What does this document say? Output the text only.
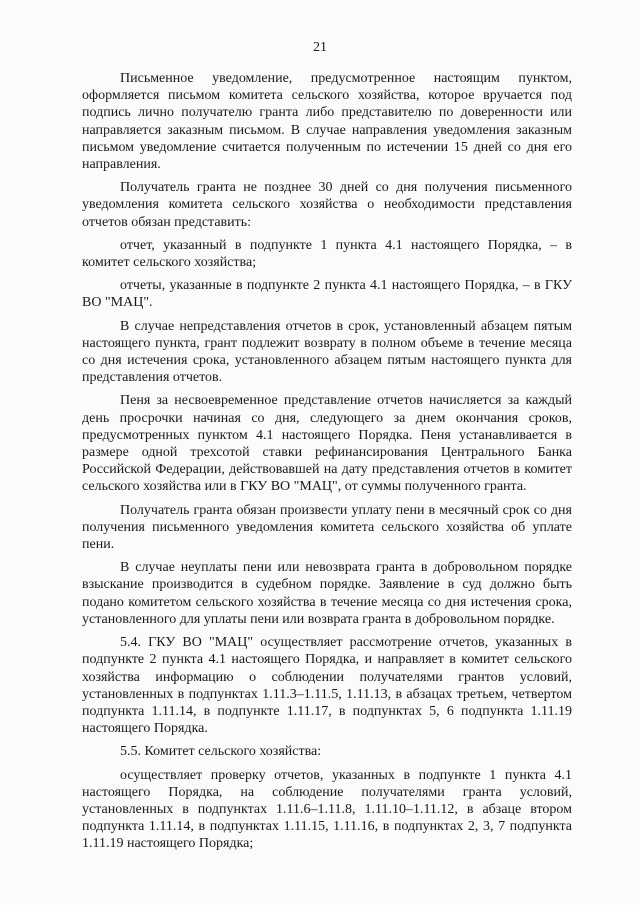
21

Письменное уведомление, предусмотренное настоящим пунктом, оформляется письмом комитета сельского хозяйства, которое вручается под подпись лично получателю гранта либо представителю по доверенности или направляется заказным письмом. В случае направления уведомления заказным письмом уведомление считается полученным по истечении 15 дней со дня его направления.

Получатель гранта не позднее 30 дней со дня получения письменного уведомления комитета сельского хозяйства о необходимости представления отчетов обязан представить:

отчет, указанный в подпункте 1 пункта 4.1 настоящего Порядка, – в комитет сельского хозяйства;

отчеты, указанные в подпункте 2 пункта 4.1 настоящего Порядка, – в ГКУ ВО "МАЦ".

В случае непредставления отчетов в срок, установленный абзацем пятым настоящего пункта, грант подлежит возврату в полном объеме в течение месяца со дня истечения срока, установленного абзацем пятым настоящего пункта для представления отчетов.

Пеня за несвоевременное представление отчетов начисляется за каждый день просрочки начиная со дня, следующего за днем окончания сроков, предусмотренных пунктом 4.1 настоящего Порядка. Пеня устанавливается в размере одной трехсотой ставки рефинансирования Центрального Банка Российской Федерации, действовавшей на дату представления отчетов в комитет сельского хозяйства или в ГКУ ВО "МАЦ", от суммы полученного гранта.

Получатель гранта обязан произвести уплату пени в месячный срок со дня получения письменного уведомления комитета сельского хозяйства об уплате пени.

В случае неуплаты пени или невозврата гранта в добровольном порядке взыскание производится в судебном порядке. Заявление в суд должно быть подано комитетом сельского хозяйства в течение месяца со дня истечения срока, установленного для уплаты пени или возврата гранта в добровольном порядке.

5.4. ГКУ ВО "МАЦ" осуществляет рассмотрение отчетов, указанных в подпункте 2 пункта 4.1 настоящего Порядка, и направляет в комитет сельского хозяйства информацию о соблюдении получателями грантов условий, установленных в подпунктах 1.11.3–1.11.5, 1.11.13, в абзацах третьем, четвертом подпункта 1.11.14, в подпункте 1.11.17, в подпунктах 5, 6 подпункта 1.11.19 настоящего Порядка.

5.5. Комитет сельского хозяйства:

осуществляет проверку отчетов, указанных в подпункте 1 пункта 4.1 настоящего Порядка, на соблюдение получателями гранта условий, установленных в подпунктах 1.11.6–1.11.8, 1.11.10–1.11.12, в абзаце втором подпункта 1.11.14, в подпунктах 1.11.15, 1.11.16, в подпунктах 2, 3, 7 подпункта 1.11.19 настоящего Порядка;
